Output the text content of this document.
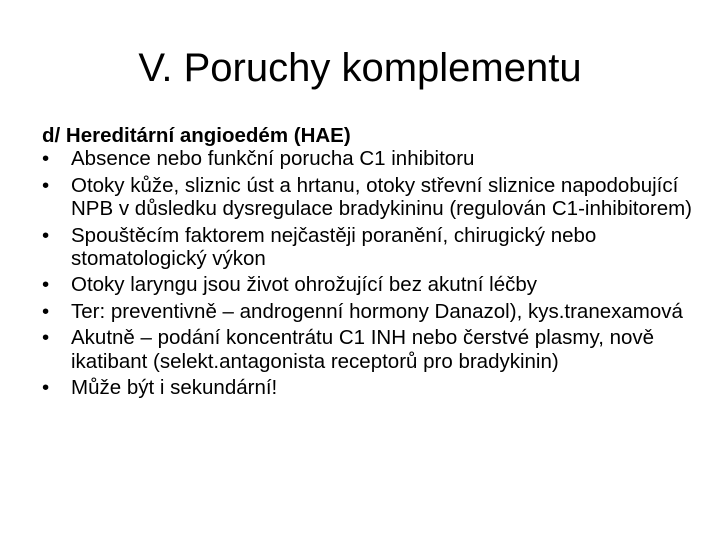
V. Poruchy komplementu

d/ Hereditární angioedém (HAE)

•	Absence nebo funkční porucha C1 inhibitoru
•	Otoky kůže, sliznic úst a hrtanu, otoky střevní sliznice napodobující NPB v důsledku dysregulace bradykininu (regulován C1-inhibitorem)
•	Spouštěcím faktorem nejčastěji poranění, chirugický nebo stomatologický výkon
•	Otoky laryngu jsou život ohrožující bez akutní léčby
•	Ter: preventivně – androgenní hormony Danazol), kys.tranexamová
•	Akutně – podání koncentrátu C1 INH nebo čerstvé plasmy, nově ikatibant (selekt.antagonista receptorů pro bradykinin)
•	Může být i sekundární!
